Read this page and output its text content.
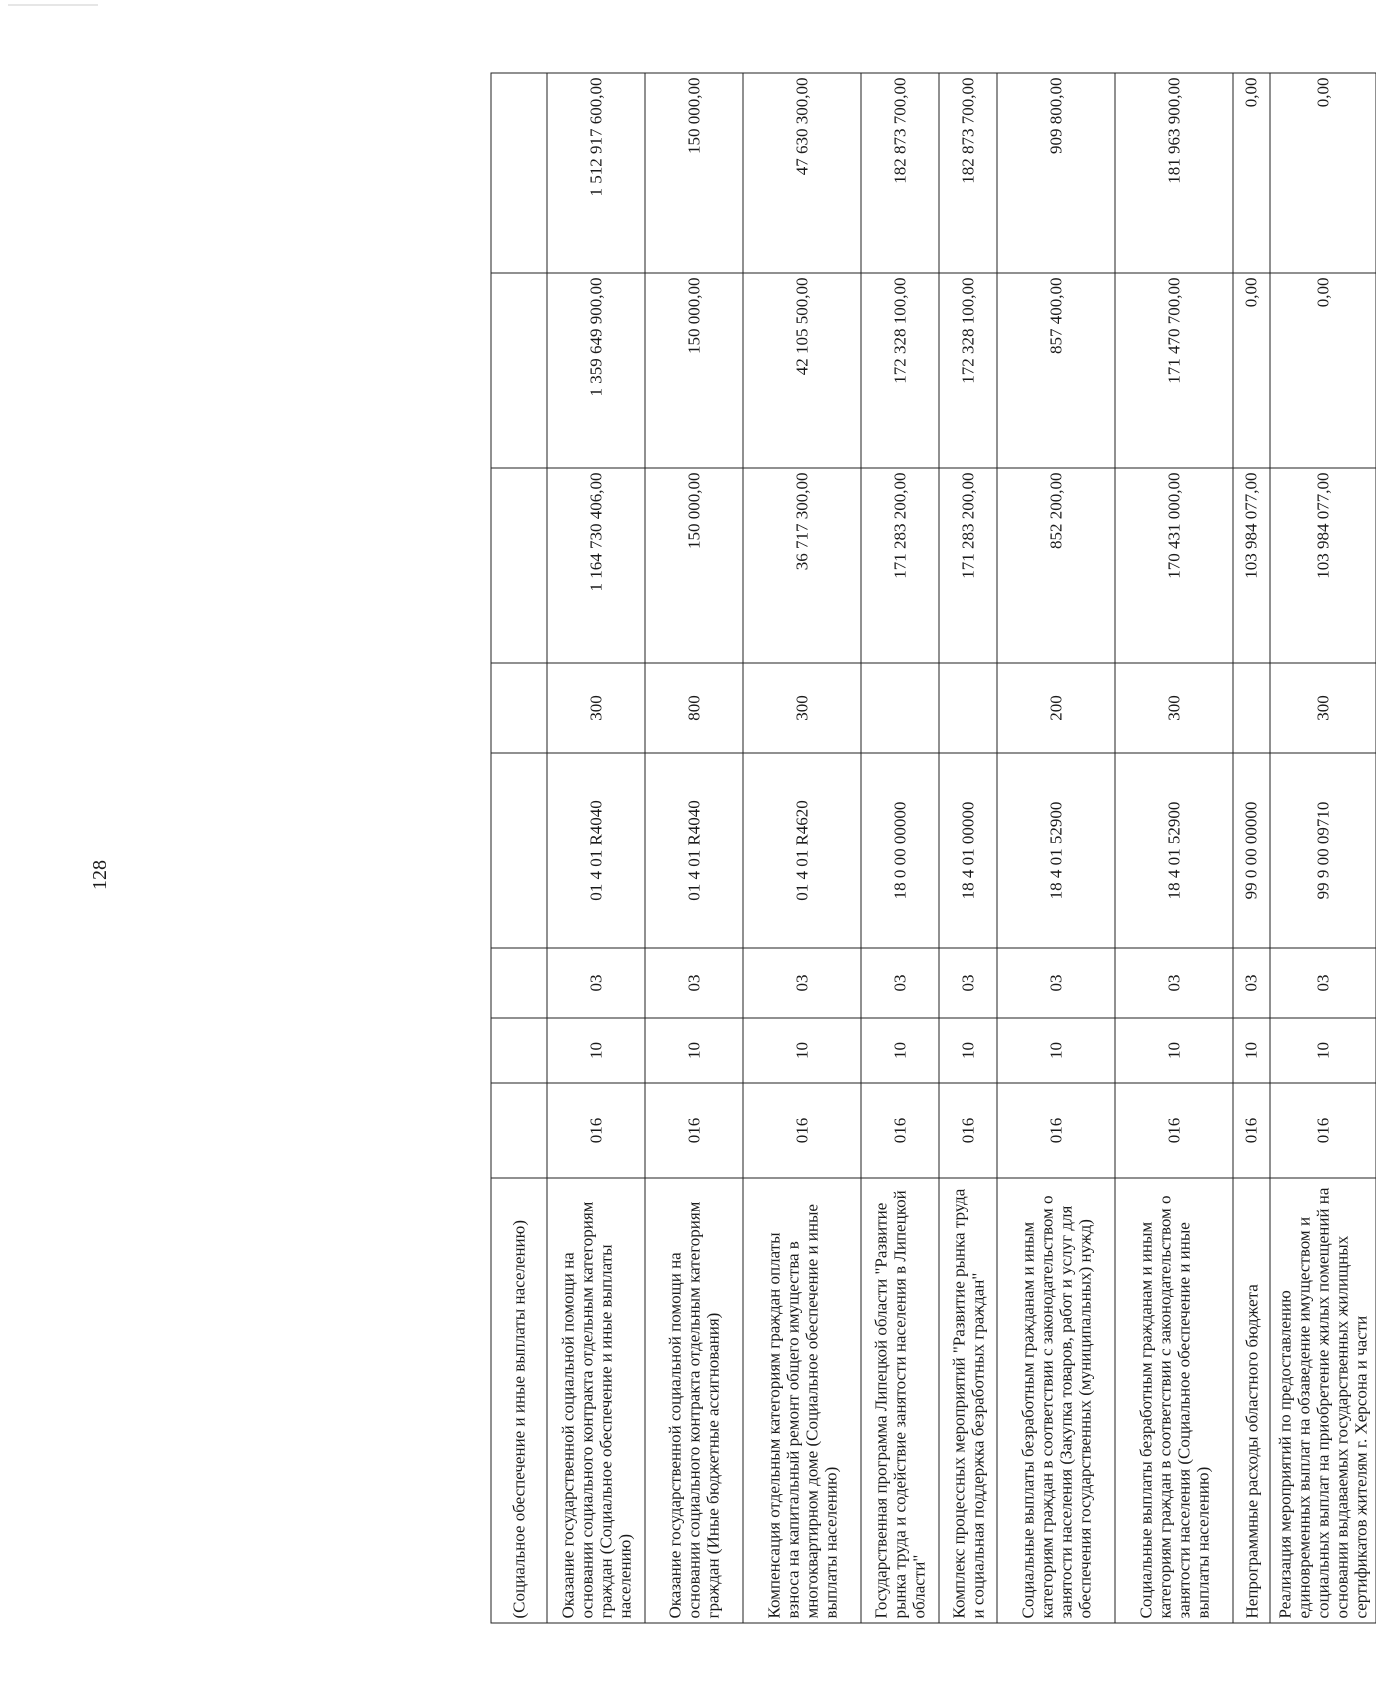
128
(Социальное обеспечение и иные выплаты населению)								
Оказание государственной социальной помощи на основании социального контракта отдельным категориям граждан (Социальное обеспечение и иные выплаты населению)	016	10	03	01 4 01 R4040	300	1 164 730 406,00	1 359 649 900,00	1 512 917 600,00
Оказание государственной социальной помощи на основании социального контракта отдельным категориям граждан (Иные бюджетные ассигнования)	016	10	03	01 4 01 R4040	800	150 000,00	150 000,00	150 000,00
Компенсация отдельным категориям граждан оплаты взноса на капитальный ремонт общего имущества в многоквартирном доме (Социальное обеспечение и иные выплаты населению)	016	10	03	01 4 01 R4620	300	36 717 300,00	42 105 500,00	47 630 300,00
Государственная программа Липецкой области "Развитие рынка труда и содействие занятости населения в Липецкой области"	016	10	03	18 0 00 00000		171 283 200,00	172 328 100,00	182 873 700,00
Комплекс процессных мероприятий "Развитие рынка труда и социальная поддержка безработных граждан"	016	10	03	18 4 01 00000		171 283 200,00	172 328 100,00	182 873 700,00
Социальные выплаты безработным гражданам и иным категориям граждан в соответствии с законодательством о занятости населения (Закупка товаров, работ и услуг для обеспечения государственных (муниципальных) нужд)	016	10	03	18 4 01 52900	200	852 200,00	857 400,00	909 800,00
Социальные выплаты безработным гражданам и иным категориям граждан в соответствии с законодательством о занятости населения (Социальное обеспечение и иные выплаты населению)	016	10	03	18 4 01 52900	300	170 431 000,00	171 470 700,00	181 963 900,00
Непрограммные расходы областного бюджета	016	10	03	99 0 00 00000		103 984 077,00	0,00	0,00
Реализация мероприятий по предоставлению единовременных выплат на обзаведение имуществом и социальных выплат на приобретение жилых помещений на основании выдаваемых государственных жилищных сертификатов жителям г. Херсона и части	016	10	03	99 9 00 09710	300	103 984 077,00	0,00	0,00
